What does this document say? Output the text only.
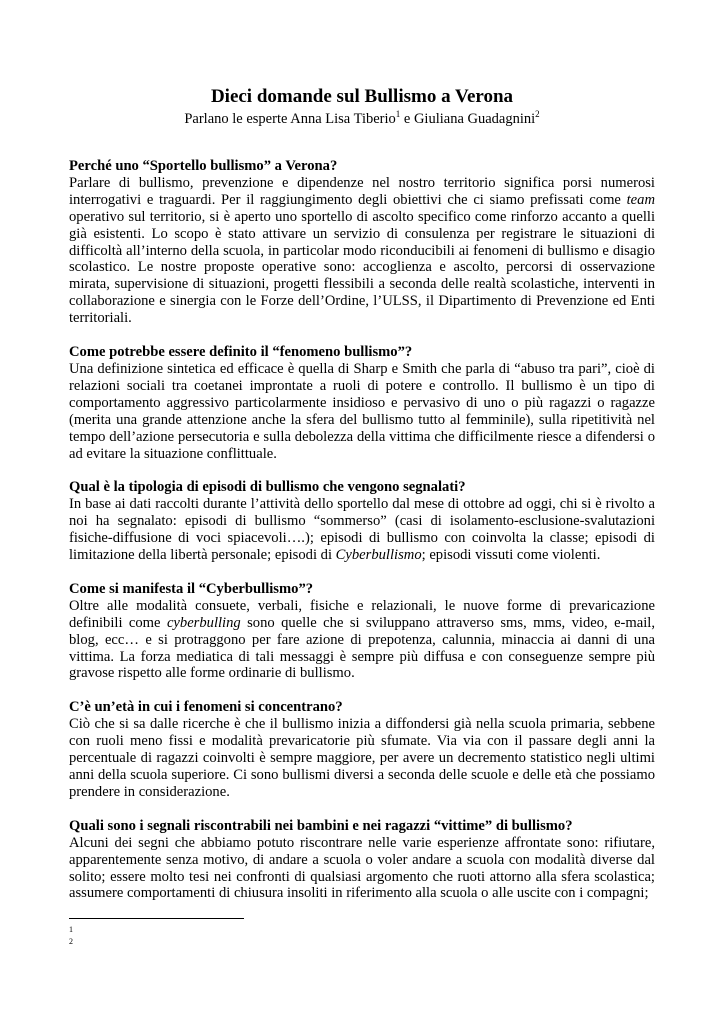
Dieci domande sul Bullismo a Verona

Parlano le esperte Anna Lisa Tiberio$^1$ e Giuliana Guadagnini$^2$

Perché uno “Sportello bullismo” a Verona?

Parlare di bullismo, prevenzione e dipendenze nel nostro territorio significa porsi numerosi interrogativi e traguardi. Per il raggiungimento degli obiettivi che ci siamo prefissati come team operativo sul territorio, si è aperto uno sportello di ascolto specifico come rinforzo accanto a quelli già esistenti. Lo scopo è stato attivare un servizio di consulenza per registrare le situazioni di difficoltà all’interno della scuola, in particolar modo riconducibili ai fenomeni di bullismo e disagio scolastico. Le nostre proposte operative sono: accoglienza e ascolto, percorsi di osservazione mirata, supervisione di situazioni, progetti flessibili a seconda delle realtà scolastiche, interventi in collaborazione e sinergia con le Forze dell’Ordine, l’ULSS, il Dipartimento di Prevenzione ed Enti territoriali.

Come potrebbe essere definito il “fenomeno bullismo”?

Una definizione sintetica ed efficace è quella di Sharp e Smith che parla di “abuso tra pari”, cioè di relazioni sociali tra coetanei improntate a ruoli di potere e controllo. Il bullismo è un tipo di comportamento aggressivo particolarmente insidioso e pervasivo di uno o più ragazzi o ragazze (merita una grande attenzione anche la sfera del bullismo tutto al femminile), sulla ripetitività nel tempo dell’azione persecutoria e sulla debolezza della vittima che difficilmente riesce a difendersi o ad evitare la situazione conflittuale.

Qual è la tipologia di episodi di bullismo che vengono segnalati?

In base ai dati raccolti durante l’attività dello sportello dal mese di ottobre ad oggi, chi si è rivolto a noi ha segnalato: episodi di bullismo “sommerso” (casi di isolamento-esclusione-svalutazioni fisiche-diffusione di voci spiacevoli….); episodi di bullismo con coinvolta la classe; episodi di limitazione della libertà personale; episodi di Cyberbullismo; episodi vissuti come violenti.

Come si manifesta il “Cyberbullismo”?

Oltre alle modalità consuete, verbali, fisiche e relazionali, le nuove forme di prevaricazione definibili come cyberbulling sono quelle che si sviluppano attraverso sms, mms, video, e-mail, blog, ecc… e si protraggono per fare azione di prepotenza, calunnia, minaccia ai danni di una vittima. La forza mediatica di tali messaggi è sempre più diffusa e con conseguenze sempre più gravose rispetto alle forme ordinarie di bullismo.

C’è un’età in cui i fenomeni si concentrano?

Ciò che si sa dalle ricerche è che il bullismo inizia a diffondersi già nella scuola primaria, sebbene con ruoli meno fissi e modalità prevaricatorie più sfumate. Via via con il passare degli anni la percentuale di ragazzi coinvolti è sempre maggiore, per avere un decremento statistico negli ultimi anni della scuola superiore. Ci sono bullismi diversi a seconda delle scuole e delle età che possiamo prendere in considerazione.

Quali sono i segnali riscontrabili nei bambini e nei ragazzi “vittime” di bullismo?

Alcuni dei segni che abbiamo potuto riscontrare nelle varie esperienze affrontate sono: rifiutare, apparentemente senza motivo, di andare a scuola o voler andare a scuola con modalità diverse dal solito; essere molto tesi nei confronti di qualsiasi argomento che ruoti attorno alla sfera scolastica; assumere comportamenti di chiusura insoliti in riferimento alla scuola o alle uscite con i compagni;

1
2
